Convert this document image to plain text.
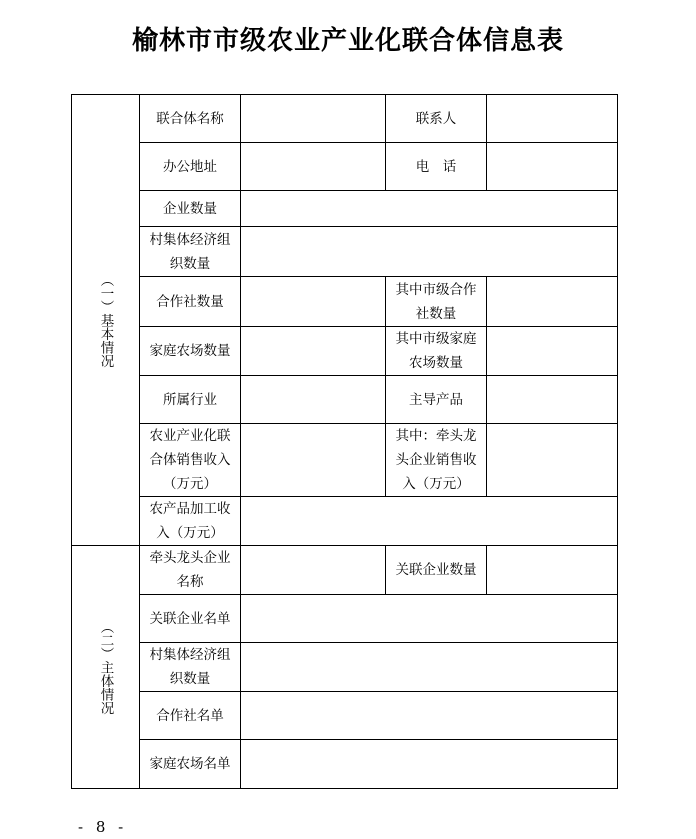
榆林市市级农业产业化联合体信息表
（一）基本情况	联合体名称		联系人	
	办公地址		电　话	
	企业数量			
	村集体经济组织数量			
	合作社数量		其中市级合作社数量	
	家庭农场数量		其中市级家庭农场数量	
	所属行业		主导产品	
	农业产业化联合体销售收入（万元）		其中：牵头龙头企业销售收入（万元）	
	农产品加工收入（万元）			

（二）主体情况	牵头龙头企业名称		关联企业数量	
	关联企业名单			
	村集体经济组织数量			
	合作社名单			
	家庭农场名单			
- 8 -
